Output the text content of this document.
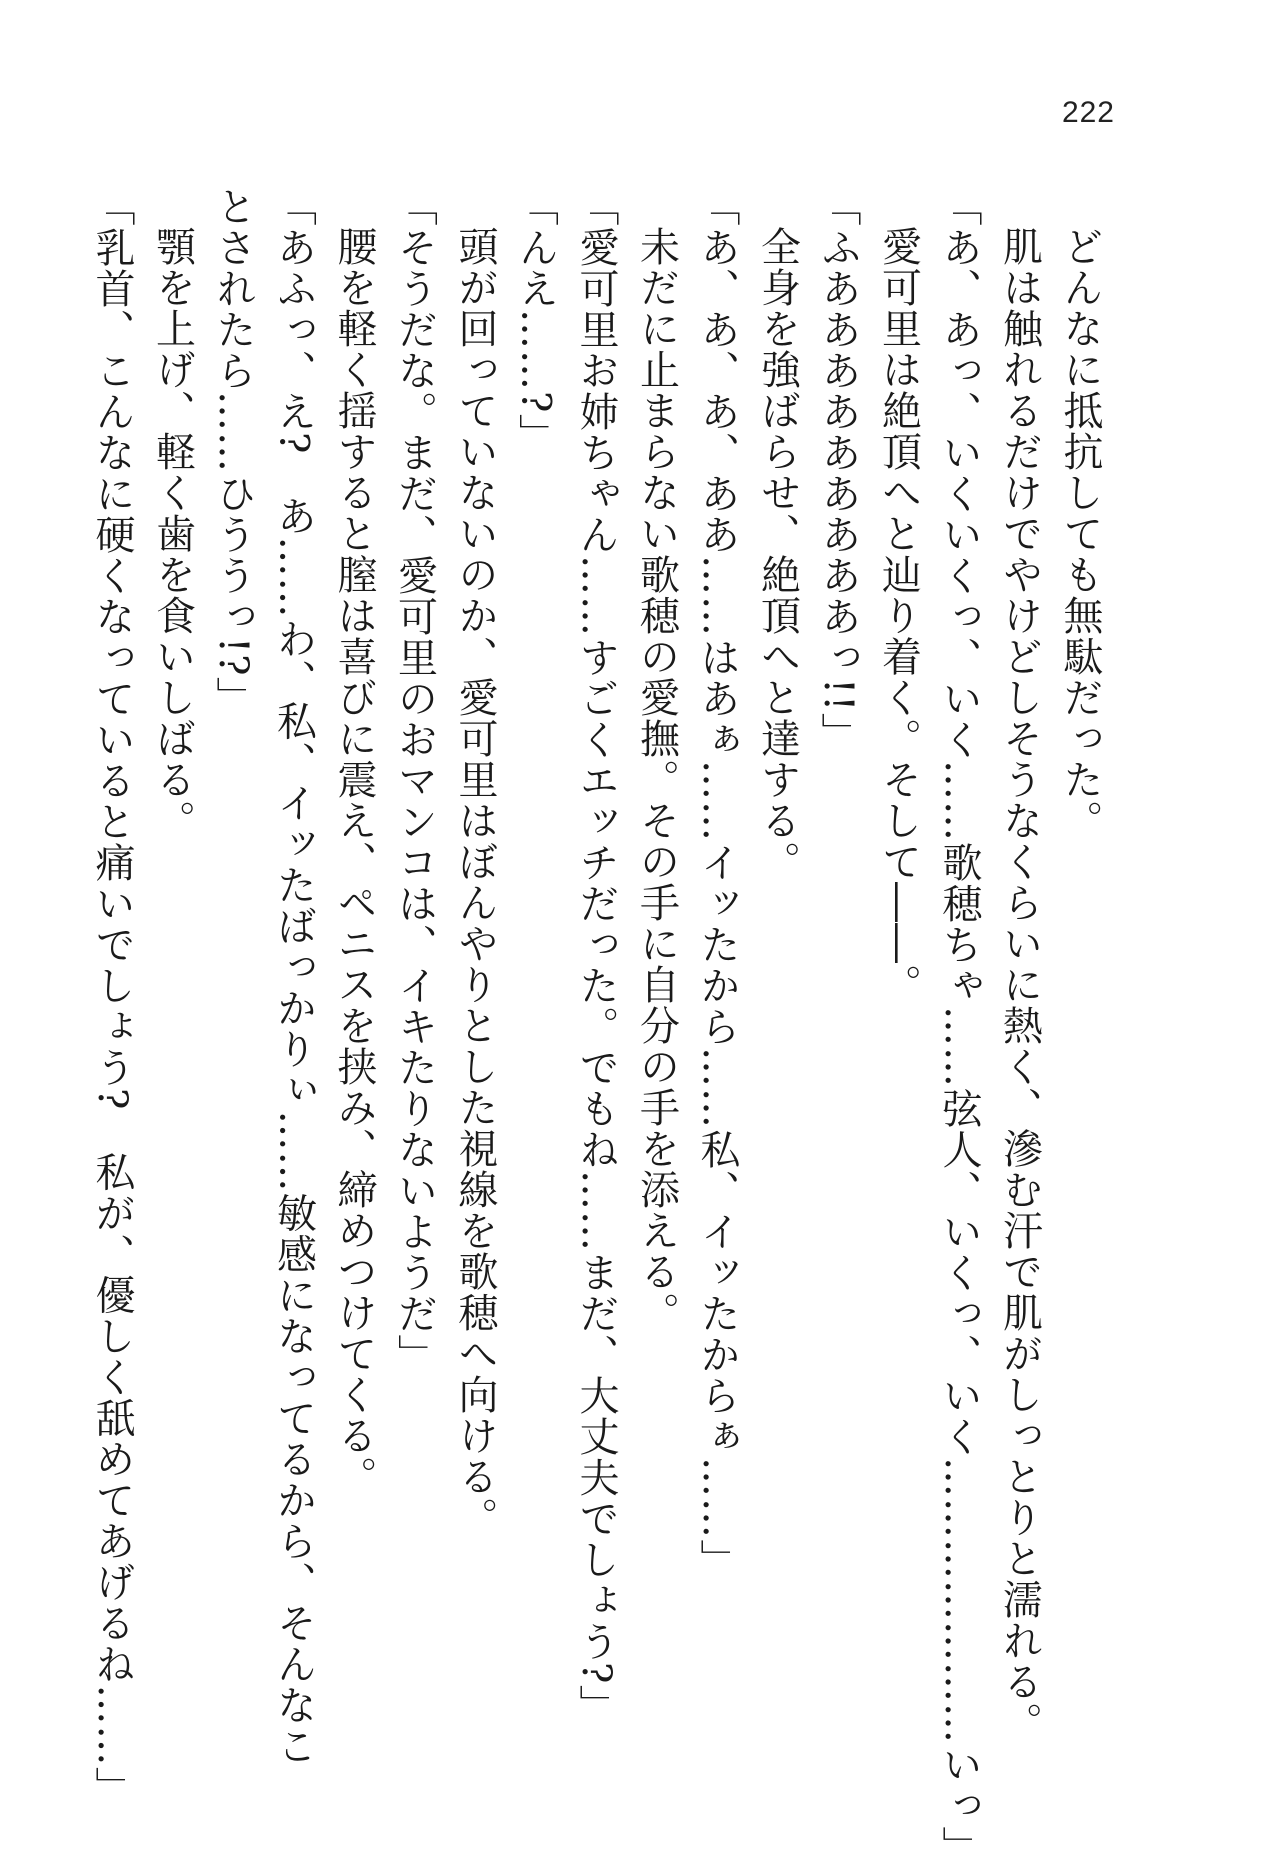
222
どんなに抵抗しても無駄だった。
肌は触れるだけでやけどしそうなくらいに熱く、滲む汗で肌がしっとりと濡れる。
「あ、あっ、いくいくっ、いく……歌穂ちゃ……弦人、いくっ、いく…………………いっ」
愛可里は絶頂へと辿り着く。そして――。
「ふあああああああああっ!!」
全身を強ばらせ、絶頂へと達する。
「あ、あ、あ、ああ……はあぁ……イッたから……私、イッたからぁ……」
未だに止まらない歌穂の愛撫。その手に自分の手を添える。
「愛可里お姉ちゃん……すごくエッチだった。でもね……まだ、大丈夫でしょう?」
「んえ……?」
頭が回っていないのか、愛可里はぼんやりとした視線を歌穂へ向ける。
「そうだな。まだ、愛可里のおマンコは、イキたりないようだ」
腰を軽く揺すると膣は喜びに震え、ペニスを挟み、締めつけてくる。
「あふっ、え?　あ……わ、私、イッたばっかりぃ……敏感になってるから、そんなこ
とされたら……ひううっ!?」
顎を上げ、軽く歯を食いしばる。
「乳首、こんなに硬くなっていると痛いでしょう?　私が、優しく舐めてあげるね……」
